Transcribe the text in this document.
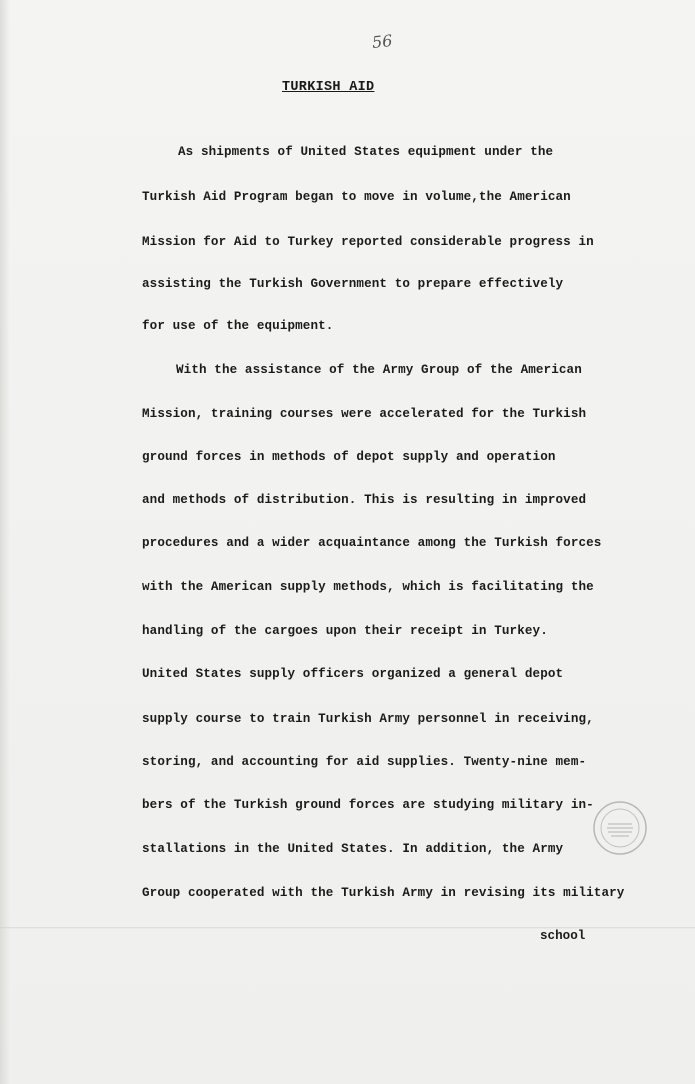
56
TURKISH AID
As shipments of United States equipment under the
Turkish Aid Program began to move in volume,the American
Mission for Aid to Turkey reported considerable progress in
assisting the Turkish Government to prepare effectively
for use of the equipment.
With the assistance of the Army Group of the American
Mission, training courses were accelerated for the Turkish
ground forces in methods of depot supply and operation
and methods of distribution. This is resulting in improved
procedures and a wider acquaintance among the Turkish forces
with the American supply methods, which is facilitating the
handling of the cargoes upon their receipt in Turkey.
United States supply officers organized a general depot
supply course to train Turkish Army personnel in receiving,
storing, and accounting for aid supplies. Twenty-nine mem-
bers of the Turkish ground forces are studying military in-
stallations in the United States. In addition, the Army
Group cooperated with the Turkish Army in revising its military
school
